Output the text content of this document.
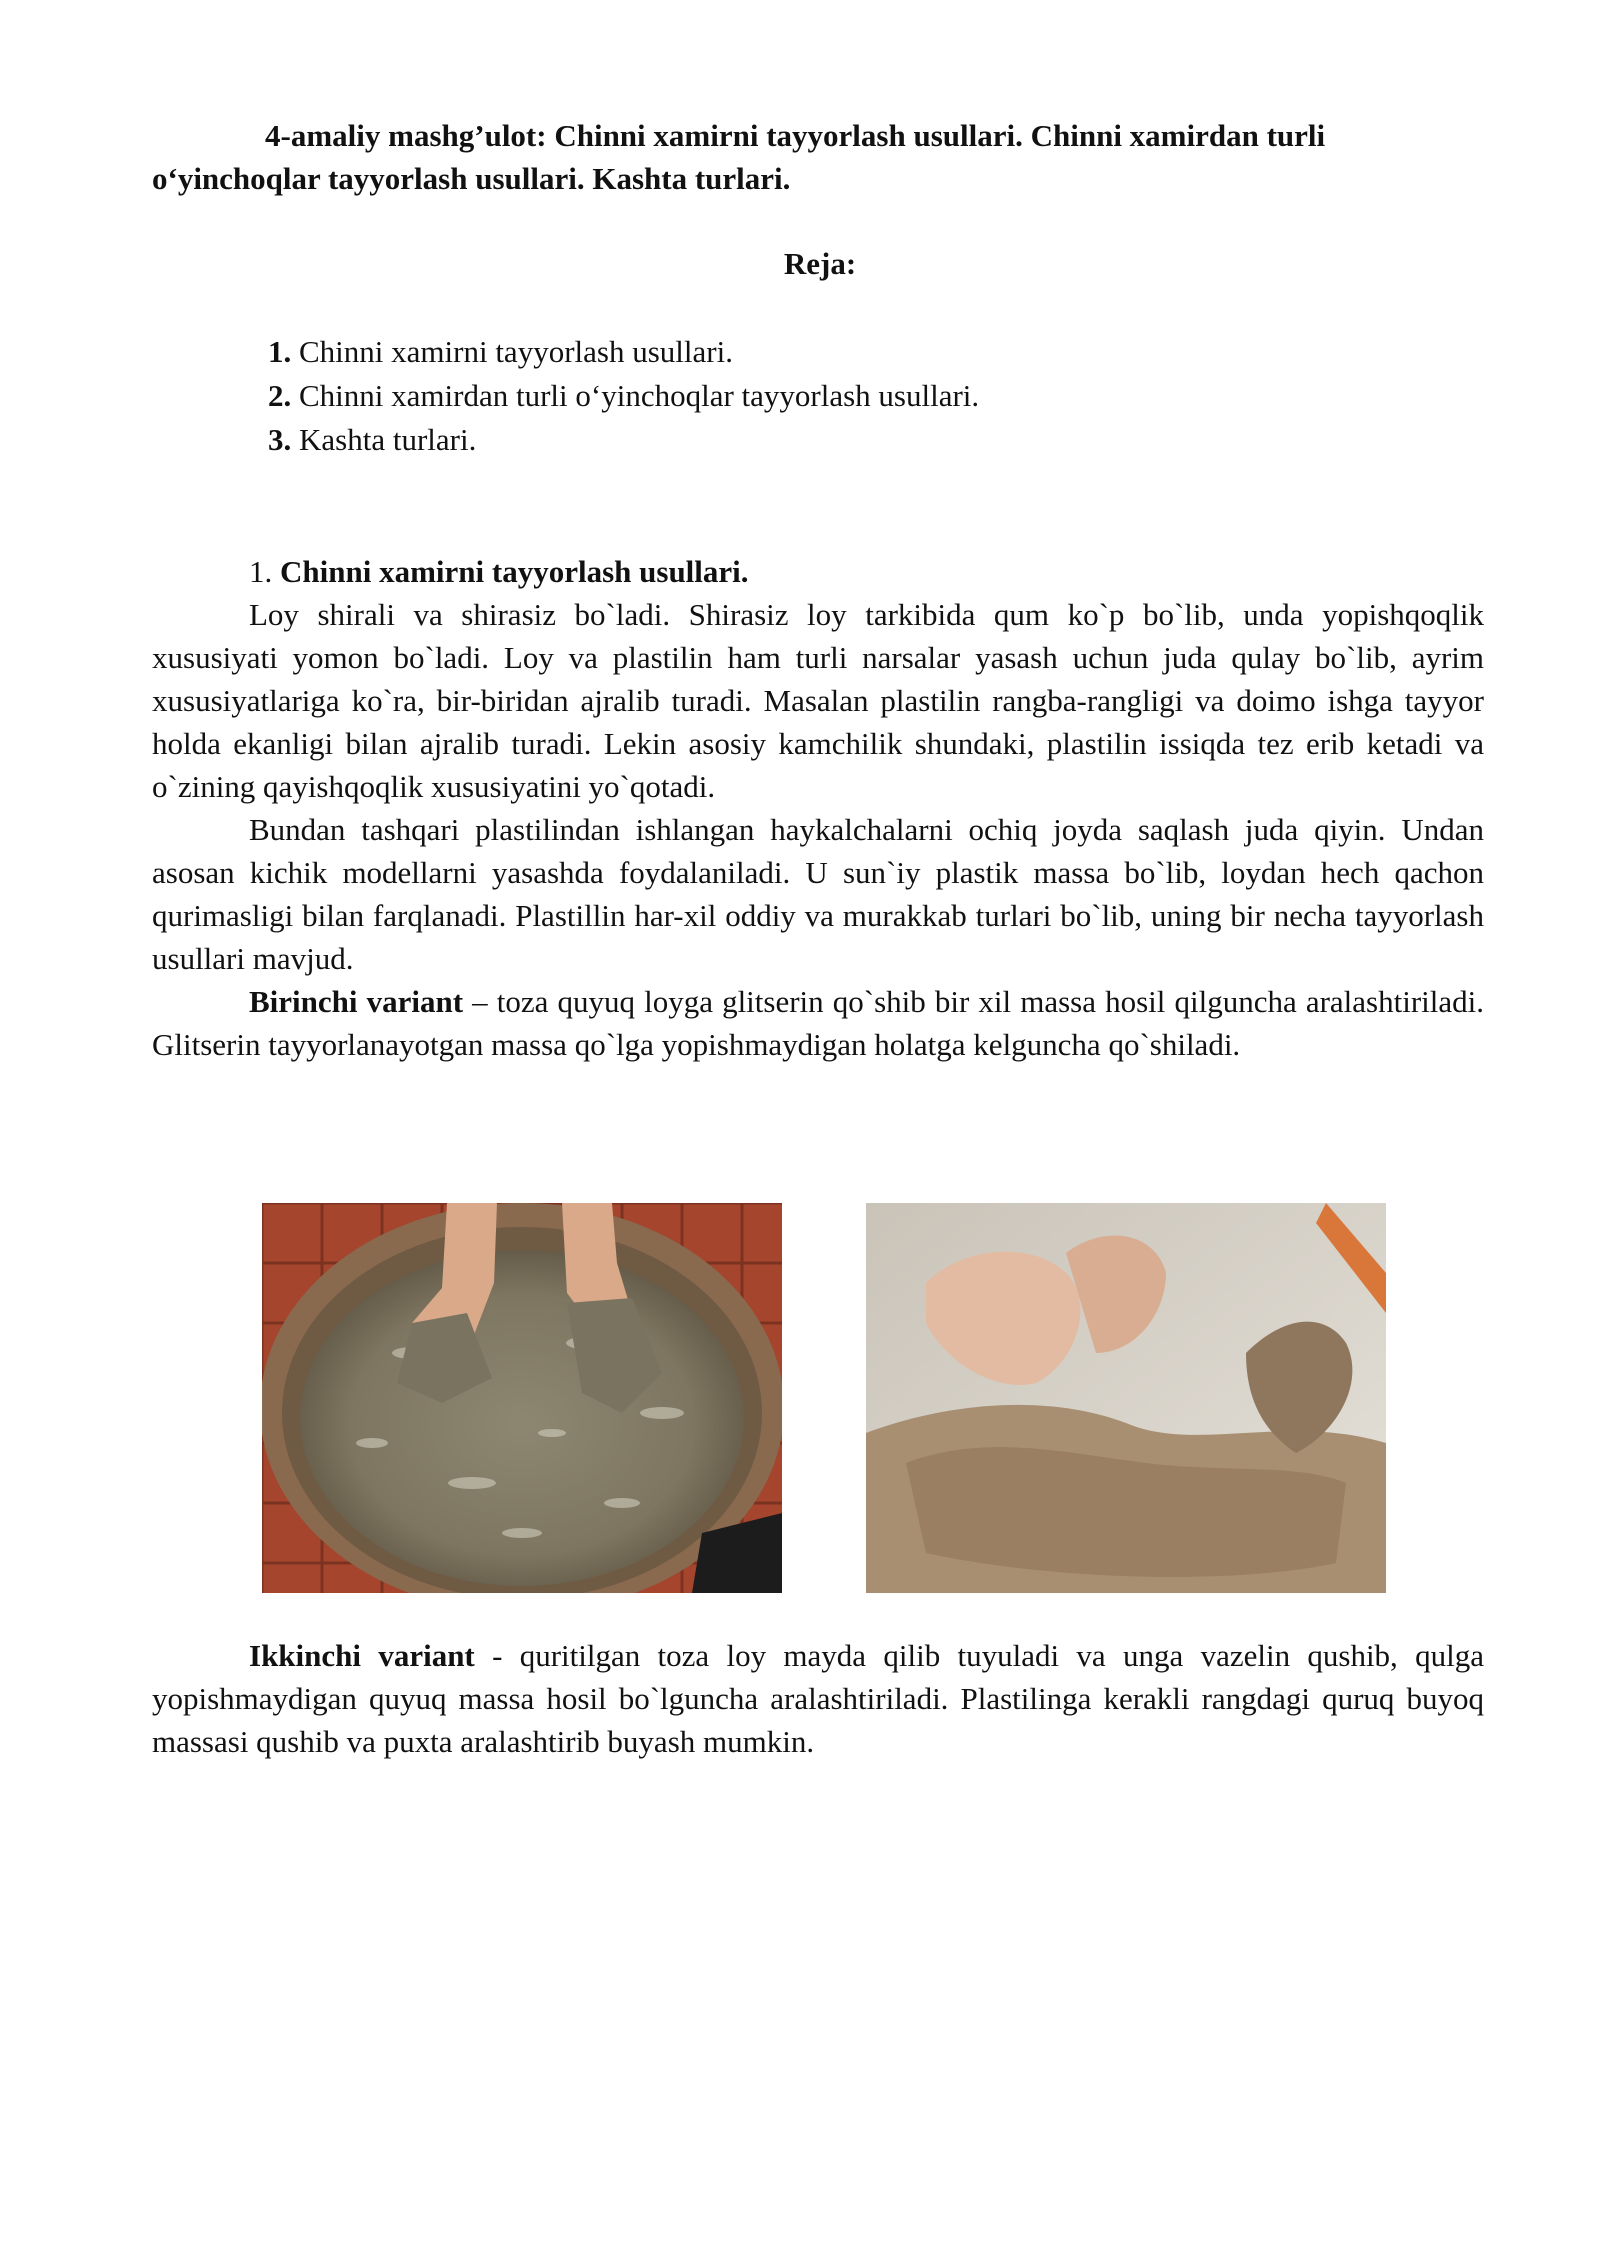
4-amaliy mashg’ulot: Chinni xamirni tayyorlash usullari. Chinni xamirdan turli o‘yinchoqlar tayyorlash usullari. Kashta turlari.
Reja:
1. Chinni xamirni tayyorlash usullari.
2. Chinni xamirdan turli o‘yinchoqlar tayyorlash usullari.
3. Kashta turlari.

1. Chinni xamirni tayyorlash usullari.

Loy shirali va shirasiz bo`ladi. Shirasiz loy tarkibida qum ko`p bo`lib, unda yopishqoqlik xususiyati yomon bo`ladi. Loy va plastilin ham turli narsalar yasash uchun juda qulay bo`lib, ayrim xususiyatlariga ko`ra, bir-biridan ajralib turadi. Masalan plastilin rangba-rangligi va doimo ishga tayyor holda ekanligi bilan ajralib turadi. Lekin asosiy kamchilik shundaki, plastilin issiqda tez erib ketadi va o`zining qayishqoqlik xususiyatini yo`qotadi.

Bundan tashqari plastilindan ishlangan haykalchalarni ochiq joyda saqlash juda qiyin. Undan asosan kichik modellarni yasashda foydalaniladi. U sun`iy plastik massa bo`lib, loydan hech qachon qurimasligi bilan farqlanadi. Plastillin har-xil oddiy va murakkab turlari bo`lib, uning bir necha tayyorlash usullari mavjud.

Birinchi variant – toza quyuq loyga glitserin qo`shib bir xil massa hosil qilguncha aralashtiriladi. Glitserin tayyorlanayotgan massa qo`lga yopishmaydigan holatga kelguncha qo`shiladi.

Ikkinchi variant - quritilgan toza loy mayda qilib tuyuladi va unga vazelin qushib, qulga yopishmaydigan quyuq massa hosil bo`lguncha aralashtiriladi. Plastilinga kerakli rangdagi quruq buyoq massasi qushib va puxta aralashtirib buyash mumkin.
